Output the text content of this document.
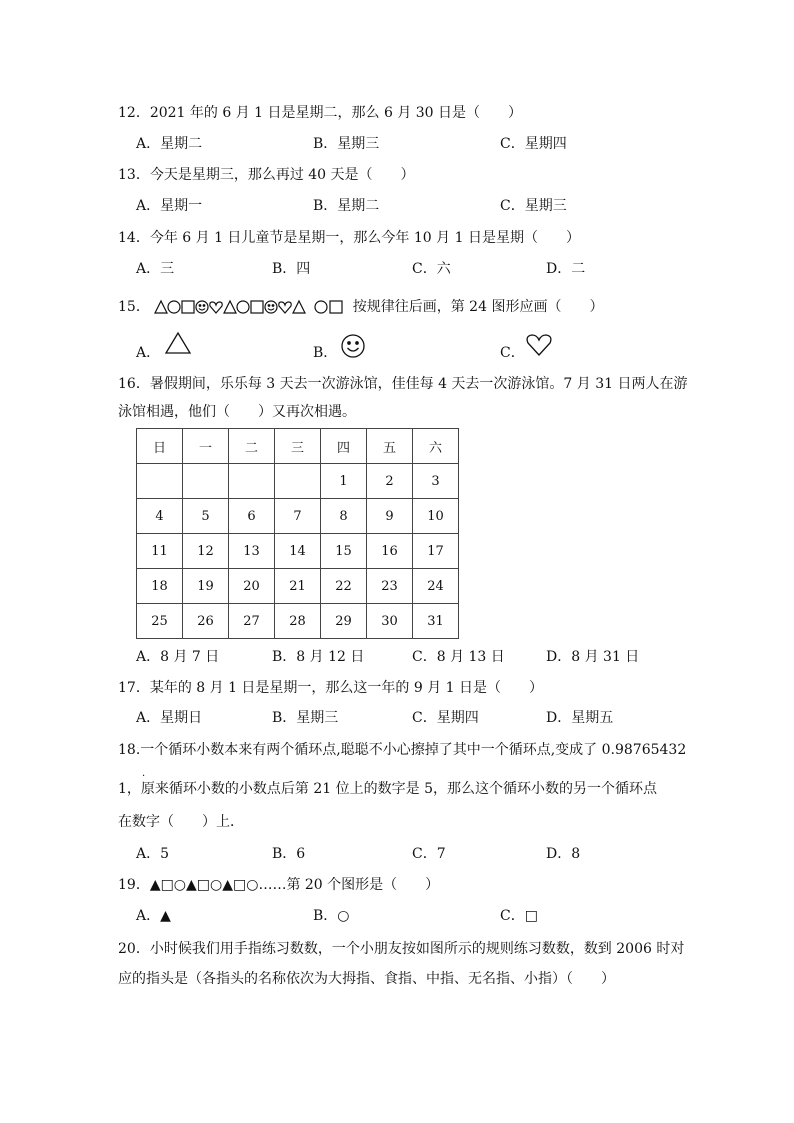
12．2021 年的 6 月 1 日是星期二，那么 6 月 30 日是（　　）
A．星期二	B．星期三	C．星期四
13．今天是星期三，那么再过 40 天是（　　）
A．星期一	B．星期二	C．星期三
14．今年 6 月 1 日儿童节是星期一，那么今年 10 月 1 日是星期（　　）
A．三	B．四	C．六	D．二
15．	按规律往后画，第 24 图形应画（　　）
A．	B．	C．
16．暑假期间，乐乐每 3 天去一次游泳馆，佳佳每 4 天去一次游泳馆。7 月 31 日两人在游
泳馆相遇，他们（　　）又再次相遇。
日	一	二	三	四	五	六
				1	2	3
4	5	6	7	8	9	10
11	12	13	14	15	16	17
18	19	20	21	22	23	24
25	26	27	28	29	30	31
A．8 月 7 日	B．8 月 12 日	C．8 月 13 日	D．8 月 31 日
17．某年的 8 月 1 日是星期一，那么这一年的 9 月 1 日是（　　）
A．星期日	B．星期三	C．星期四	D．星期五
18.一个循环小数本来有两个循环点,聪聪不小心擦掉了其中一个循环点,变成了 0.98765432
·
1，原来循环小数的小数点后第 21 位上的数字是 5，那么这个循环小数的另一个循环点
在数字（　　）上．
A．5	B．6	C．7	D．8
19．▲□○▲□○▲□○……第 20 个图形是（　　）
A．▲	B．○	C．□
20．小时候我们用手指练习数数，一个小朋友按如图所示的规则练习数数，数到 2006 时对
应的指头是（各指头的名称依次为大拇指、食指、中指、无名指、小指）（　　）
